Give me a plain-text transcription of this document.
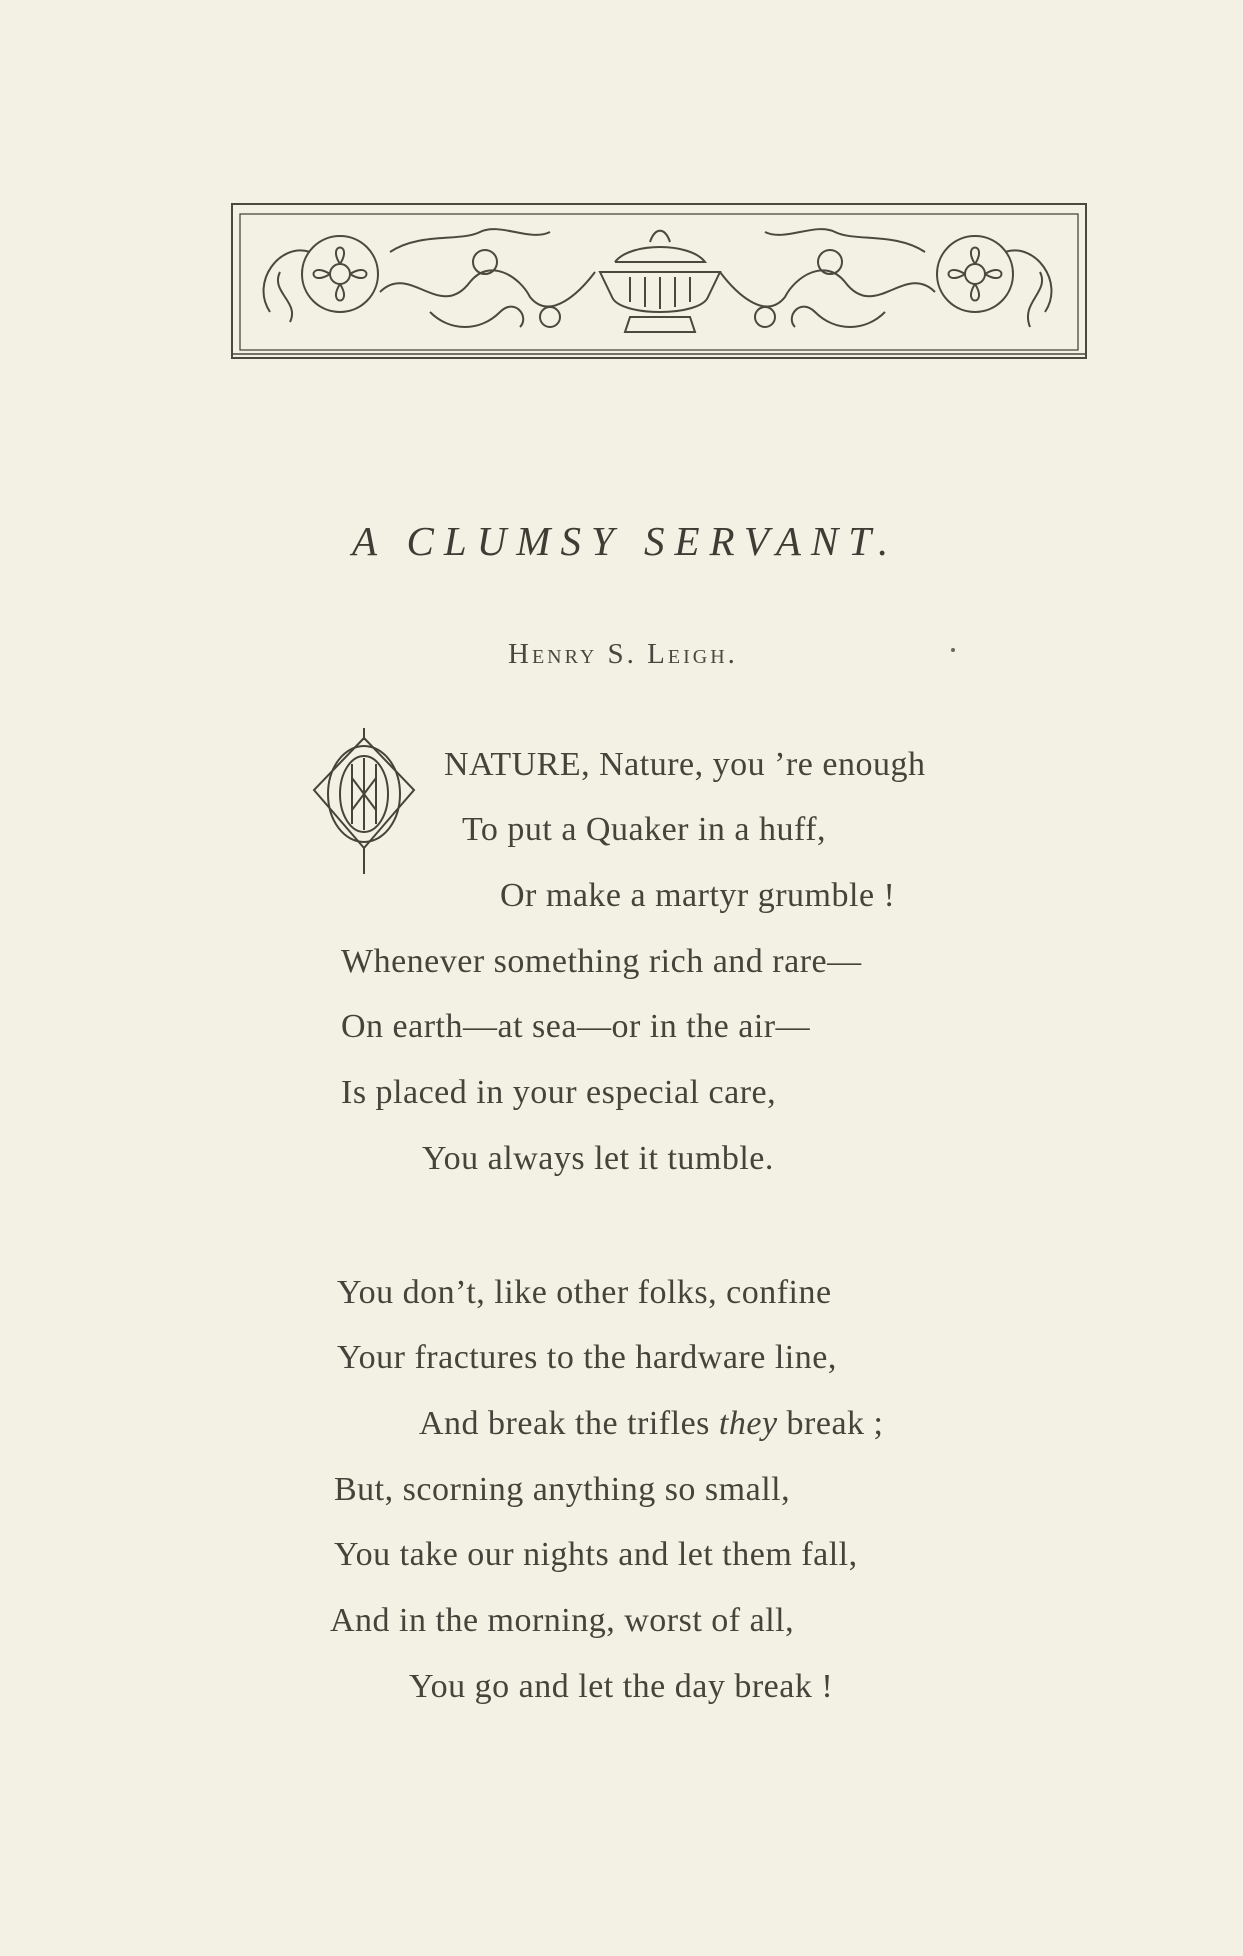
A CLUMSY SERVANT.
Henry S. Leigh.
O
NATURE, Nature, you ’re enough
To put a Quaker in a huff,
Or make a martyr grumble !
Whenever something rich and rare—
On earth—at sea—or in the air—
Is placed in your especial care,
You always let it tumble.
You don’t, like other folks, confine
Your fractures to the hardware line,
And break the trifles they break ;
But, scorning anything so small,
You take our nights and let them fall,
And in the morning, worst of all,
You go and let the day break !
